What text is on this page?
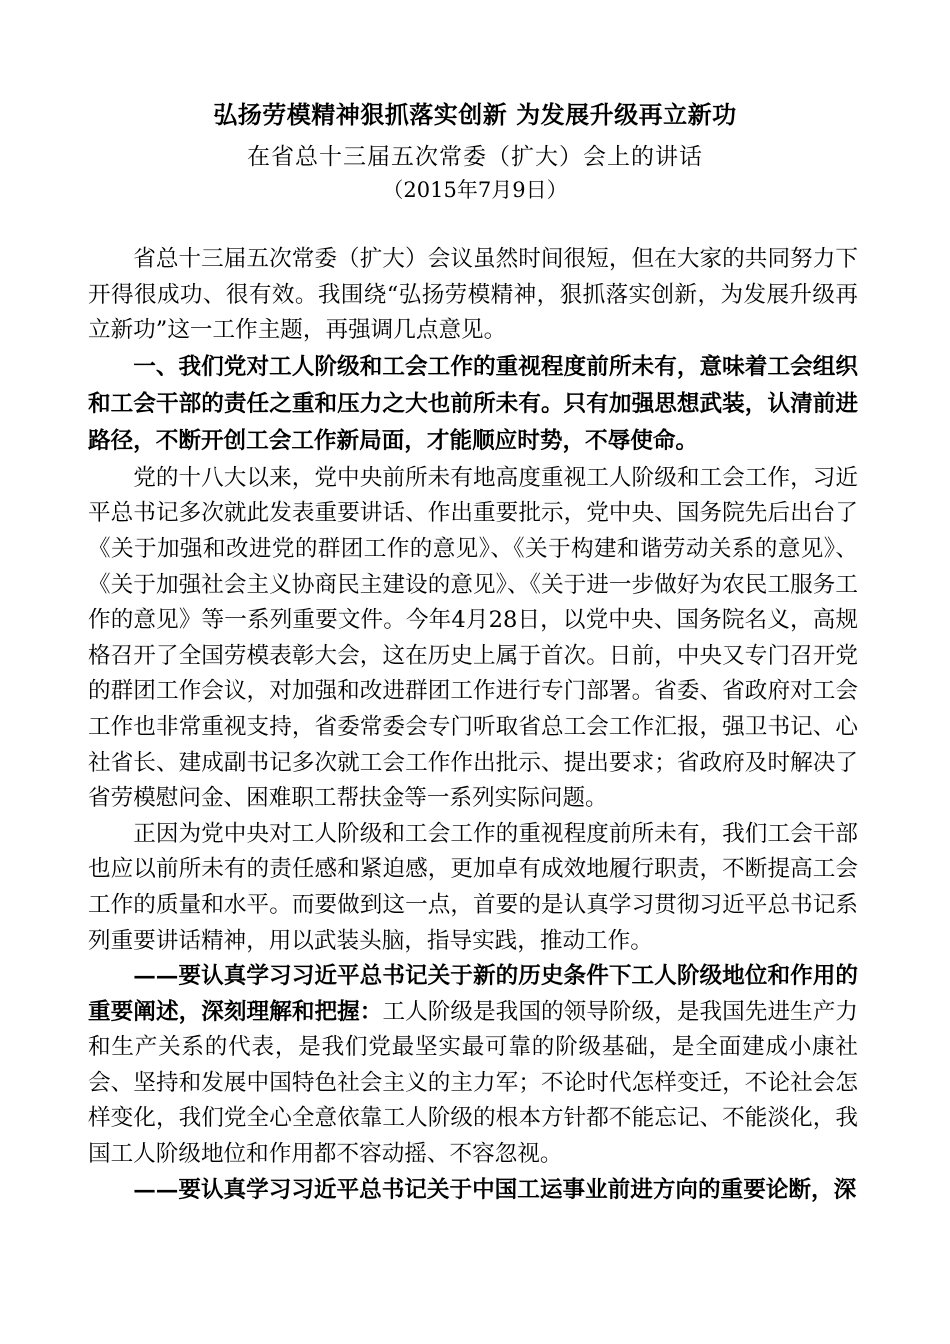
弘扬劳模精神狠抓落实创新 为发展升级再立新功
在省总十三届五次常委（扩大）会上的讲话
（2015年7月9日）

省总十三届五次常委（扩大）会议虽然时间很短，但在大家的共同努力下开得很成功、很有效。我围绕“弘扬劳模精神，狠抓落实创新，为发展升级再立新功”这一工作主题，再强调几点意见。

一、我们党对工人阶级和工会工作的重视程度前所未有，意味着工会组织和工会干部的责任之重和压力之大也前所未有。只有加强思想武装，认清前进路径，不断开创工会工作新局面，才能顺应时势，不辱使命。

党的十八大以来，党中央前所未有地高度重视工人阶级和工会工作，习近平总书记多次就此发表重要讲话、作出重要批示，党中央、国务院先后出台了《关于加强和改进党的群团工作的意见》、《关于构建和谐劳动关系的意见》、《关于加强社会主义协商民主建设的意见》、《关于进一步做好为农民工服务工作的意见》等一系列重要文件。今年4月28日，以党中央、国务院名义，高规格召开了全国劳模表彰大会，这在历史上属于首次。日前，中央又专门召开党的群团工作会议，对加强和改进群团工作进行专门部署。省委、省政府对工会工作也非常重视支持，省委常委会专门听取省总工会工作汇报，强卫书记、心社省长、建成副书记多次就工会工作作出批示、提出要求；省政府及时解决了省劳模慰问金、困难职工帮扶金等一系列实际问题。

正因为党中央对工人阶级和工会工作的重视程度前所未有，我们工会干部也应以前所未有的责任感和紧迫感，更加卓有成效地履行职责，不断提高工会工作的质量和水平。而要做到这一点，首要的是认真学习贯彻习近平总书记系列重要讲话精神，用以武装头脑，指导实践，推动工作。

——要认真学习习近平总书记关于新的历史条件下工人阶级地位和作用的重要阐述，深刻理解和把握：工人阶级是我国的领导阶级，是我国先进生产力和生产关系的代表，是我们党最坚实最可靠的阶级基础，是全面建成小康社会、坚持和发展中国特色社会主义的主力军；不论时代怎样变迁，不论社会怎样变化，我们党全心全意依靠工人阶级的根本方针都不能忘记、不能淡化，我国工人阶级地位和作用都不容动摇、不容忽视。

——要认真学习习近平总书记关于中国工运事业前进方向的重要论断，深
